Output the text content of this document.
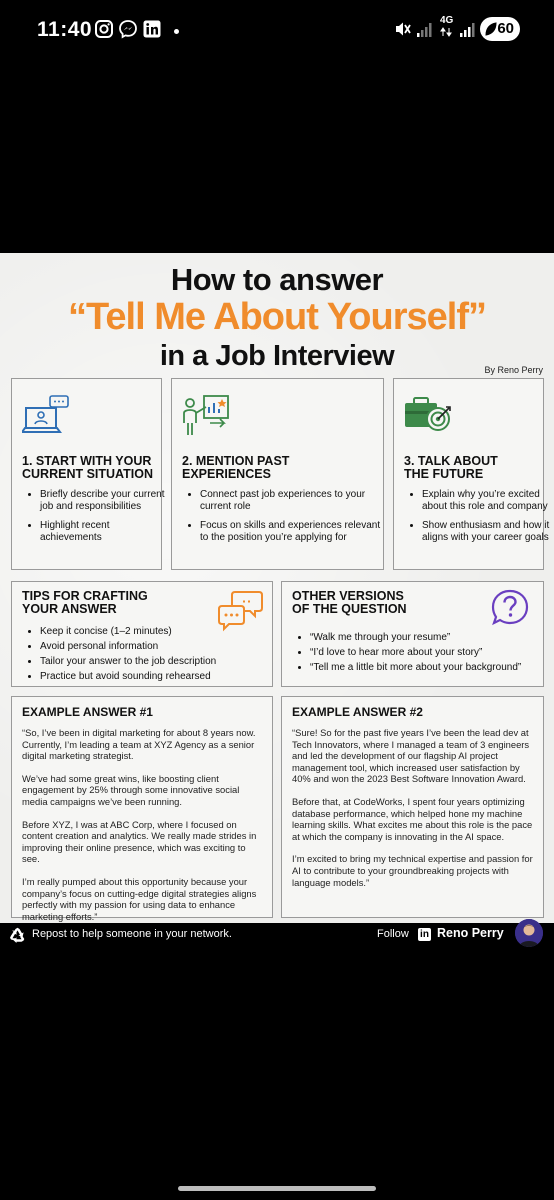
11:40	4G	60
How to answer
“Tell Me About Yourself”
in a Job Interview	By Reno Perry
1. START WITH YOUR
CURRENT SITUATION
• Briefly describe your current job and responsibilities
• Highlight recent achievements
2. MENTION PAST
EXPERIENCES
• Connect past job experiences to your current role
• Focus on skills and experiences relevant to the position you’re applying for
3. TALK ABOUT
THE FUTURE
• Explain why you’re excited about this role and company
• Show enthusiasm and how it aligns with your career goals
TIPS FOR CRAFTING
YOUR ANSWER
• Keep it concise (1–2 minutes)
• Avoid personal information
• Tailor your answer to the job description
• Practice but avoid sounding rehearsed
OTHER VERSIONS
OF THE QUESTION
• “Walk me through your resume”
• “I’d love to hear more about your story”
• “Tell me a little bit more about your background”
EXAMPLE ANSWER #1

“So, I’ve been in digital marketing for about 8 years now. Currently, I’m leading a team at XYZ Agency as a senior digital marketing strategist.

We’ve had some great wins, like boosting client engagement by 25% through some innovative social media campaigns we’ve been running.

Before XYZ, I was at ABC Corp, where I focused on content creation and analytics. We really made strides in improving their online presence, which was exciting to see.

I’m really pumped about this opportunity because your company’s focus on cutting-edge digital strategies aligns perfectly with my passion for using data to enhance marketing efforts.”

EXAMPLE ANSWER #2

“Sure! So for the past five years I’ve been the lead dev at Tech Innovators, where I managed a team of 3 engineers and led the development of our flagship AI project management tool, which increased user satisfaction by 40% and won the 2023 Best Software Innovation Award.

Before that, at CodeWorks, I spent four years optimizing database performance, which helped hone my machine learning skills. What excites me about this role is the pace at which the company is innovating in the AI space.

I’m excited to bring my technical expertise and passion for AI to contribute to your groundbreaking projects with language models.”

Repost to help someone in your network.	Follow in Reno Perry
